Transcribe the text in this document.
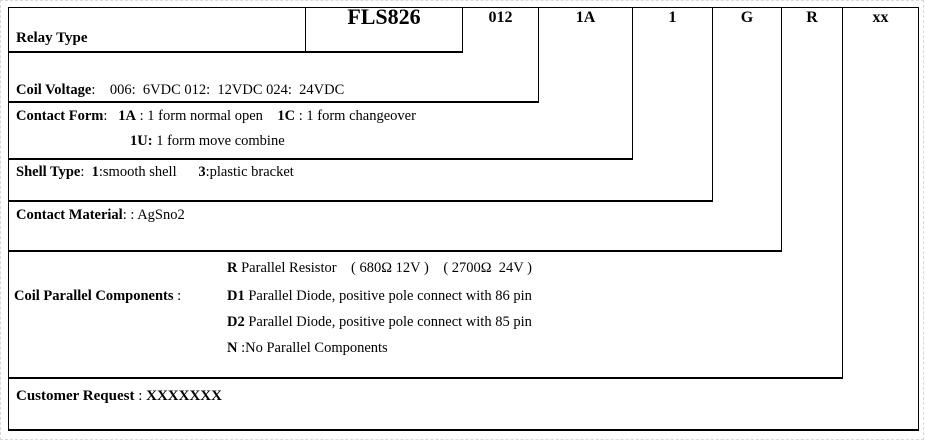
FLS826	012	1A	1	G	R	xx
Relay Type
Coil Voltage:    006:  6VDC 012:  12VDC 024:  24VDC
Contact Form:   1A : 1 form normal open    1C : 1 form changeover
1U: 1 form move combine
Shell Type:  1:smooth shell      3:plastic bracket
Contact Material: : AgSno2
Coil Parallel Components :
R Parallel Resistor    ( 680Ω 12V )    ( 2700Ω  24V )
D1 Parallel Diode, positive pole connect with 86 pin
D2 Parallel Diode, positive pole connect with 85 pin
N :No Parallel Components
Customer Request : XXXXXXX
